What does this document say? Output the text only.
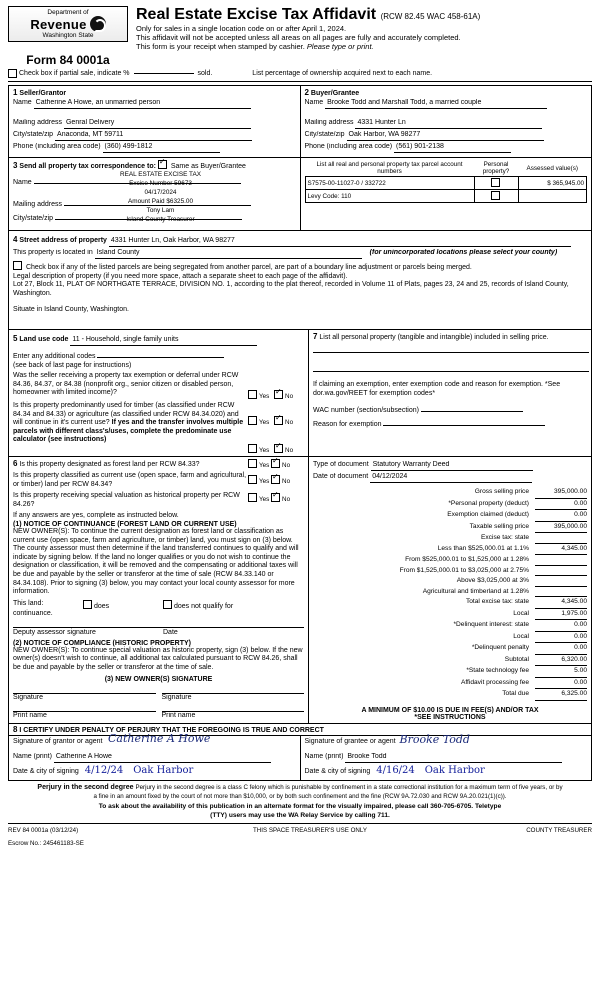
Department of
Revenue
Washington State
Real Estate Excise Tax Affidavit (RCW 82.45 WAC 458-61A)
Only for sales in a single location code on or after April 1, 2024.
This affidavit will not be accepted unless all areas on all pages are fully and accurately completed.
This form is your receipt when stamped by cashier. Please type or print.
Form 84 0001a
Check box if partial sale, indicate %	sold.	List percentage of ownership acquired next to each name.
1 Seller/Grantor
Name Catherine A Howe, an unmarried person
Mailing address Genral Delivery
City/state/zip Anaconda, MT 59711
Phone (including area code) (360) 499-1812
2 Buyer/Grantee
Name Brooke Todd and Marshall Todd, a married couple
Mailing address 4331 Hunter Ln
City/state/zip Oak Harbor, WA 98277
Phone (including area code) (561) 901-2138
3 Send all property tax correspondence to: ✓ Same as Buyer/Grantee
Name
Mailing address
City/state/zip
REAL ESTATE EXCISE TAX
Excise Number 59673
04/17/2024
Amount Paid $6325.00
Tony Lam
Island County Treasurer
List all real and personal property tax parcel account numbers	Personal property?	Assessed value(s)
S7575-00-11027-0 / 332722		$ 365,945.00
Levy Code: 110		
4 Street address of property 4331 Hunter Ln, Oak Harbor, WA 98277
This property is located in Island County	(for unincorporated locations please select your county)
Check box if any of the listed parcels are being segregated from another parcel, are part of a boundary line adjustment or parcels being merged.
Legal description of property (if you need more space, attach a separate sheet to each page of the affidavit).
Lot 27, Block 11, PLAT OF NORTHGATE TERRACE, DIVISION NO. 1, according to the plat thereof, recorded in Volume 11 of Plats, pages 23, 24 and 25, records of Island County, Washington.
Situate in Island County, Washington.
5 Land use code 11 - Household, single family units
Enter any additional codes
(see back of last page for instructions)
Was the seller receiving a property tax exemption or deferral under RCW 84.36, 84.37, or 84.38 (nonprofit org., senior citizen or disabled person, homeowner with limited income)?
Yes ✓	No
Is this property predominantly used for timber (as classified under RCW 84.34 and 84.33) or agriculture (as classified under RCW 84.34.020) and will continue in it's current use? If yes and the transfer involves multiple parcels with different class's/uses, complete the predominate use calculator (see instructions)
Yes ✓No
Yes ✓No
7 List all personal property (tangible and intangible) included in selling price.

If claiming an exemption, enter exemption code and reason for exemption. *See dor.wa.gov/REET for exemption codes*
WAC number (section/subsection)
Reason for exemption
6 Is this property designated as forest land per RCW 84.33?
Is this property classified as current use (open space, farm and agricultural, or timber) land per RCW 84.34?
Is this property receiving special valuation as historical property per RCW 84.26?
Yes ✓No
Yes ✓No
Yes ✓No
If any answers are yes, complete as instructed below.
(1) NOTICE OF CONTINUANCE (FOREST LAND OR CURRENT USE)
NEW OWNER(S): To continue the current designation as forest land or classification as current use (open space, farm and agriculture, or timber) land, you must sign on (3) below. The county assessor must then determine if the land transferred continues to qualify and will indicate by signing below. If the land no longer qualifies or you do not wish to continue the designation or classification, it will be removed and the compensating or additional taxes will be due and payable by the seller or transferor at the time of sale (RCW 84.33.140 or 84.34.108). Prior to signing (3) below, you may contact your local county assessor for more information.
This land:	does	does not qualify for
continuance.
Deputy assessor signature	Date
(2) NOTICE OF COMPLIANCE (HISTORIC PROPERTY)
NEW OWNER(S): To continue special valuation as historic property, sign (3) below. If the new owner(s) doesn't wish to continue, all additional tax calculated pursuant to RCW 84.26, shall be due and payable by the seller or transferor at the time of sale.
(3) NEW OWNER(S) SIGNATURE
Signature	Signature
Print name	Print name
Type of document Statutory Warranty Deed
Date of document 04/12/2024
Gross selling price	395,000.00
*Personal property (deduct)	0.00
Exemption claimed (deduct)	0.00
Taxable selling price	395,000.00
Excise tax: state
Less than $525,000.01 at 1.1%	4,345.00
From $525,000.01 to $1,525,000 at 1.28%
From $1,525,000.01 to $3,025,000 at 2.75%
Above $3,025,000 at 3%
Agricultural and timberland at 1.28%
Total excise tax: state	4,345.00
Local	1,975.00
*Delinquent interest: state	0.00
Local	0.00
*Delinquent penalty	0.00
Subtotal	6,320.00
*State technology fee	5.00
Affidavit processing fee	0.00
Total due	6,325.00
A MINIMUM OF $10.00 IS DUE IN FEE(S) AND/OR TAX
*SEE INSTRUCTIONS
8 I CERTIFY UNDER PENALTY OF PERJURY THAT THE FOREGOING IS TRUE AND CORRECT
Signature of grantor or agent Catherine A Howe
Name (print) Catherine A Howe
Date & city of signing 4/12/24 Oak Harbor
Signature of grantee or agent Brooke Todd
Name (print) Brooke Todd
Date & city of signing 4/16/24 Oak Harbor
Perjury in the second degree Perjury in the second degree is a class C felony which is punishable by confinement in a state correctional institution for a maximum term of five years, or by
a fine in an amount fixed by the court of not more than $10,000, or by both such confinement and the fine (RCW 9A.72.030 and RCW 9A.20.021(1)(c)).
To ask about the availability of this publication in an alternate format for the visually impaired, please call 360-705-6705. Teletype
(TTY) users may use the WA Relay Service by calling 711.
REV 84 0001a (03/12/24)	THIS SPACE TREASURER'S USE ONLY	COUNTY TREASURER
Escrow No.: 245461183-SE
